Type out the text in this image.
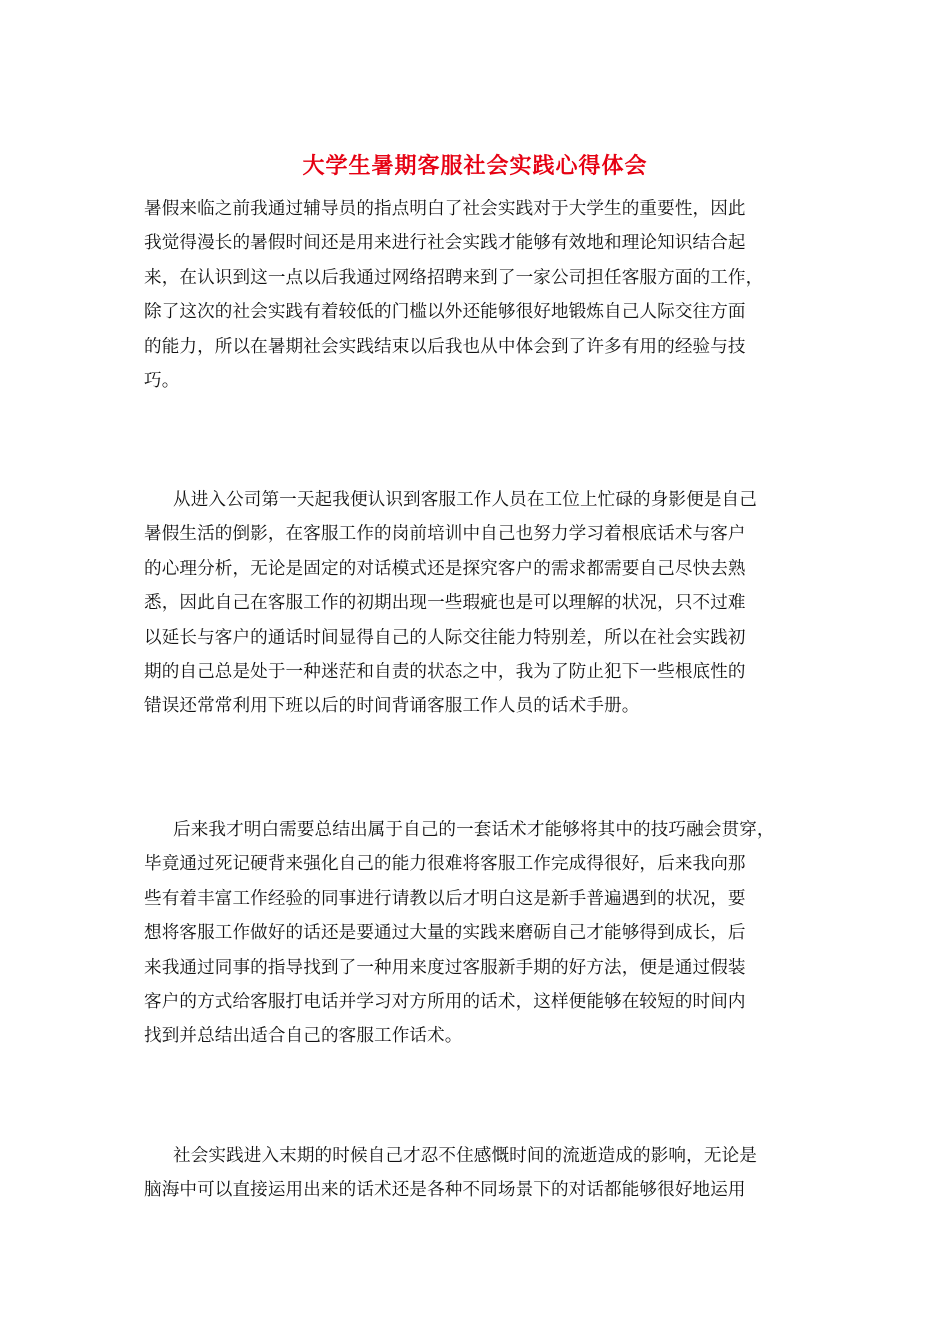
大学生暑期客服社会实践心得体会
暑假来临之前我通过辅导员的指点明白了社会实践对于大学生的重要性，因此
我觉得漫长的暑假时间还是用来进行社会实践才能够有效地和理论知识结合起
来，在认识到这一点以后我通过网络招聘来到了一家公司担任客服方面的工作，
除了这次的社会实践有着较低的门槛以外还能够很好地锻炼自己人际交往方面
的能力，所以在暑期社会实践结束以后我也从中体会到了许多有用的经验与技
巧。
从进入公司第一天起我便认识到客服工作人员在工位上忙碌的身影便是自己
暑假生活的倒影，在客服工作的岗前培训中自己也努力学习着根底话术与客户
的心理分析，无论是固定的对话模式还是探究客户的需求都需要自己尽快去熟
悉，因此自己在客服工作的初期出现一些瑕疵也是可以理解的状况，只不过难
以延长与客户的通话时间显得自己的人际交往能力特别差，所以在社会实践初
期的自己总是处于一种迷茫和自责的状态之中，我为了防止犯下一些根底性的
错误还常常利用下班以后的时间背诵客服工作人员的话术手册。
后来我才明白需要总结出属于自己的一套话术才能够将其中的技巧融会贯穿，
毕竟通过死记硬背来强化自己的能力很难将客服工作完成得很好，后来我向那
些有着丰富工作经验的同事进行请教以后才明白这是新手普遍遇到的状况，要
想将客服工作做好的话还是要通过大量的实践来磨砺自己才能够得到成长，后
来我通过同事的指导找到了一种用来度过客服新手期的好方法，便是通过假装
客户的方式给客服打电话并学习对方所用的话术，这样便能够在较短的时间内
找到并总结出适合自己的客服工作话术。
社会实践进入末期的时候自己才忍不住感慨时间的流逝造成的影响，无论是
脑海中可以直接运用出来的话术还是各种不同场景下的对话都能够很好地运用
